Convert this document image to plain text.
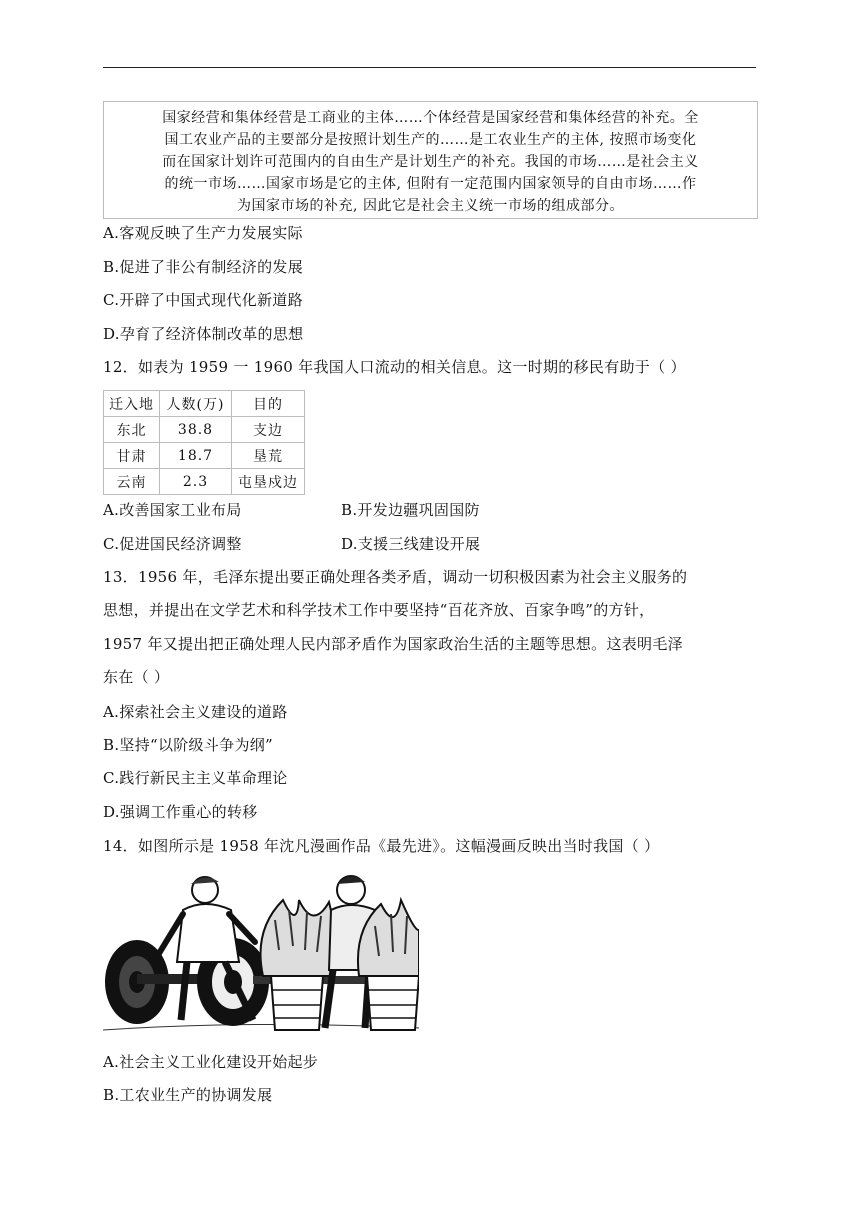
国家经营和集体经营是工商业的主体……个体经营是国家经营和集体经营的补充。全
国工农业产品的主要部分是按照计划生产的……是工农业生产的主体, 按照市场变化
而在国家计划许可范围内的自由生产是计划生产的补充。我国的市场……是社会主义
的统一市场……国家市场是它的主体, 但附有一定范围内国家领导的自由市场……作
为国家市场的补充, 因此它是社会主义统一市场的组成部分。
A.客观反映了生产力发展实际
B.促进了非公有制经济的发展
C.开辟了中国式现代化新道路
D.孕育了经济体制改革的思想
12．如表为 1959 一 1960 年我国人口流动的相关信息。这一时期的移民有助于（ ）
迁入地	人数(万)	目的
东北	38.8	支边
甘肃	18.7	垦荒
云南	2.3	屯垦戍边
A.改善国家工业布局	B.开发边疆巩固国防
C.促进国民经济调整	D.支援三线建设开展
13．1956 年，毛泽东提出要正确处理各类矛盾，调动一切积极因素为社会主义服务的
思想，并提出在文学艺术和科学技术工作中要坚持“百花齐放、百家争鸣”的方针，
1957 年又提出把正确处理人民内部矛盾作为国家政治生活的主题等思想。这表明毛泽
东在（ ）
A.探索社会主义建设的道路
B.坚持“以阶级斗争为纲”
C.践行新民主主义革命理论
D.强调工作重心的转移
14．如图所示是 1958 年沈凡漫画作品《最先进》。这幅漫画反映出当时我国（ ）
A.社会主义工业化建设开始起步
B.工农业生产的协调发展
